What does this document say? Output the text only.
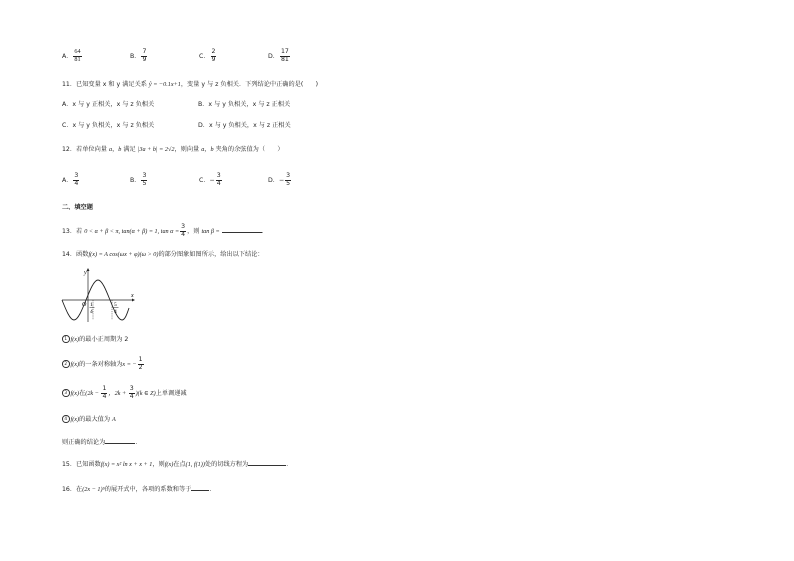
A． $\frac{64}{81}$	B． $\frac{7}{9}$	C． $\frac{2}{9}$	D． $\frac{17}{81}$
11．已知变量 x 和 y 满足关系 ŷ = −0.1x+1，变量 y 与 z 负相关．下列结论中正确的是(　　)
A．x 与 y 正相关，x 与 z 负相关	B．x 与 y 负相关，x 与 z 正相关
C．x 与 y 负相关，x 与 z 负相关	D．x 与 y 负相关，x 与 z 正相关
12．若单位向量 a，b 满足 |3a + b| = 2√2，则向量 a，b 夹角的余弦值为（　　）
A． $\frac{3}{4}$	B． $\frac{3}{5}$	C．− $\frac{3}{4}$	D．− $\frac{3}{5}$
二、填空题
13．若 0 < α + β < π, tan(α + β) = 1, $\tan \alpha = \frac{3}{4}$ ，则 tan β =	．
14．函数f(x) = A cos(ωx + φ)(ω > 0)的部分图象如图所示，给出以下结论：
y
x
O 1
4
5
4
1 f(x)的最小正周期为 2
2 f(x)的一条对称轴为x = − $\frac{1}{2}$
3 f(x)在($2k - \frac{1}{4}$ ，$2k + \frac{3}{4} )(k$ ∈ Z)上单调递减
4 f(x)的最大值为 A
则正确的结论为	．
15．已知函数f(x) = x² ln x + x + 1，则f(x)在点(1, f(1))处的切线方程为	．
16．在(2x − 1)⁵的展开式中，各项的系数和等于	．
